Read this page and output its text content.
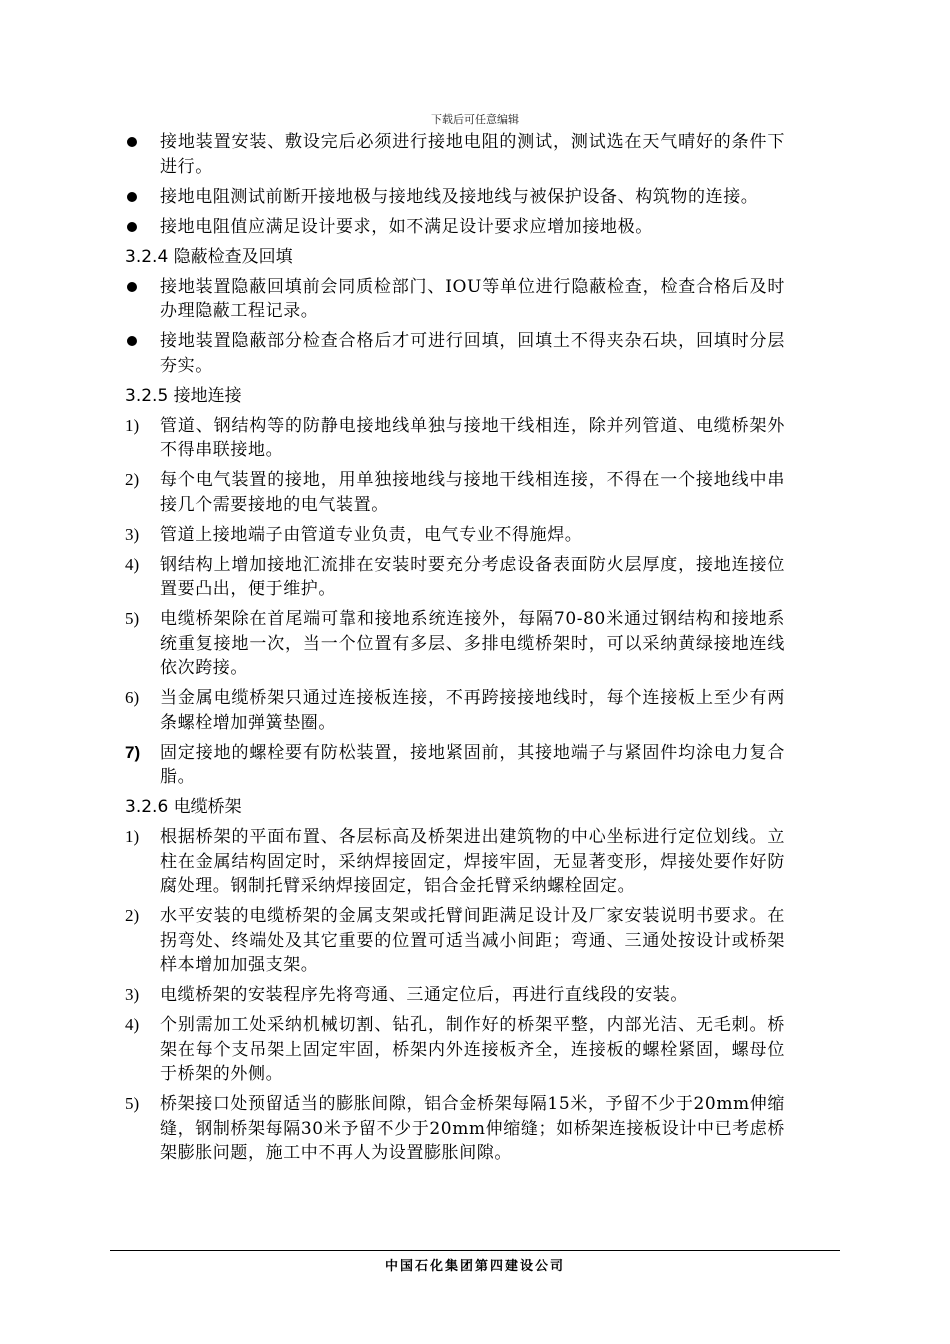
下载后可任意编辑
接地装置安装、敷设完后必须进行接地电阻的测试，测试选在天气晴好的条件下进行。
接地电阻测试前断开接地极与接地线及接地线与被保护设备、构筑物的连接。
接地电阻值应满足设计要求，如不满足设计要求应增加接地极。
3.2.4 隐蔽检查及回填
接地装置隐蔽回填前会同质检部门、IOU等单位进行隐蔽检查，检查合格后及时办理隐蔽工程记录。
接地装置隐蔽部分检查合格后才可进行回填，回填土不得夹杂石块，回填时分层夯实。
3.2.5 接地连接
1)	管道、钢结构等的防静电接地线单独与接地干线相连，除并列管道、电缆桥架外不得串联接地。
2)	每个电气装置的接地，用单独接地线与接地干线相连接，不得在一个接地线中串接几个需要接地的电气装置。
3)	管道上接地端子由管道专业负责，电气专业不得施焊。
4)	钢结构上增加接地汇流排在安装时要充分考虑设备表面防火层厚度，接地连接位置要凸出，便于维护。
5)	电缆桥架除在首尾端可靠和接地系统连接外，每隔70-80米通过钢结构和接地系统重复接地一次，当一个位置有多层、多排电缆桥架时，可以采纳黄绿接地连线依次跨接。
6)	当金属电缆桥架只通过连接板连接，不再跨接接地线时，每个连接板上至少有两条螺栓增加弹簧垫圈。
7)	固定接地的螺栓要有防松装置，接地紧固前，其接地端子与紧固件均涂电力复合脂。
3.2.6 电缆桥架
1)	根据桥架的平面布置、各层标高及桥架进出建筑物的中心坐标进行定位划线。立柱在金属结构固定时，采纳焊接固定，焊接牢固，无显著变形，焊接处要作好防腐处理。钢制托臂采纳焊接固定，铝合金托臂采纳螺栓固定。
2)	水平安装的电缆桥架的金属支架或托臂间距满足设计及厂家安装说明书要求。在拐弯处、终端处及其它重要的位置可适当减小间距；弯通、三通处按设计或桥架样本增加加强支架。
3)	电缆桥架的安装程序先将弯通、三通定位后，再进行直线段的安装。
4)	个别需加工处采纳机械切割、钻孔，制作好的桥架平整，内部光洁、无毛刺。桥架在每个支吊架上固定牢固，桥架内外连接板齐全，连接板的螺栓紧固，螺母位于桥架的外侧。
5)	桥架接口处预留适当的膨胀间隙，铝合金桥架每隔15米，予留不少于20mm伸缩缝，钢制桥架每隔30米予留不少于20mm伸缩缝；如桥架连接板设计中已考虑桥架膨胀问题，施工中不再人为设置膨胀间隙。
中国石化集团第四建设公司
